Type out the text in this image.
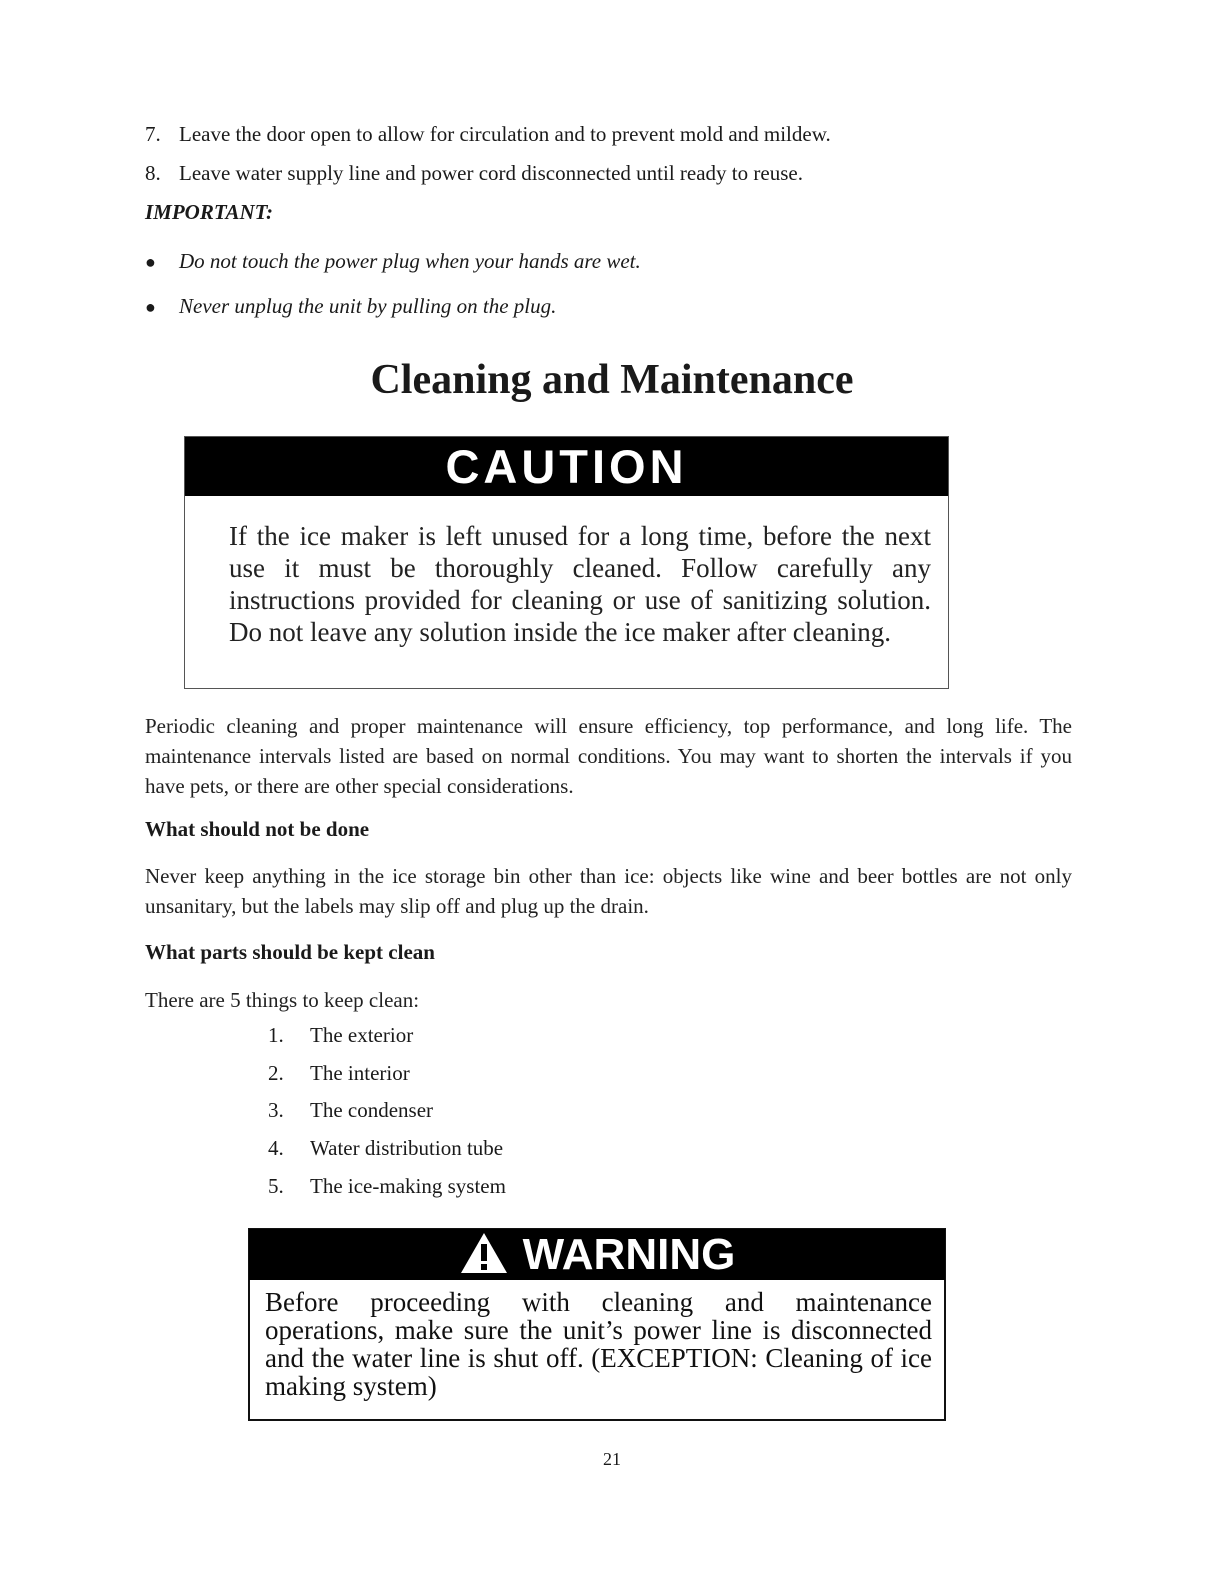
7. Leave the door open to allow for circulation and to prevent mold and mildew.
8. Leave water supply line and power cord disconnected until ready to reuse.
IMPORTANT:
● Do not touch the power plug when your hands are wet.
● Never unplug the unit by pulling on the plug.
Cleaning and Maintenance
CAUTION
If the ice maker is left unused for a long time, before the next use it must be thoroughly cleaned. Follow carefully any instructions provided for cleaning or use of sanitizing solution. Do not leave any solution inside the ice maker after cleaning.
Periodic cleaning and proper maintenance will ensure efficiency, top performance, and long life. The maintenance intervals listed are based on normal conditions. You may want to shorten the intervals if you have pets, or there are other special considerations.
What should not be done
Never keep anything in the ice storage bin other than ice: objects like wine and beer bottles are not only unsanitary, but the labels may slip off and plug up the drain.
What parts should be kept clean
There are 5 things to keep clean:
1. The exterior
2. The interior
3. The condenser
4. Water distribution tube
5. The ice-making system
WARNING
Before proceeding with cleaning and maintenance operations, make sure the unit’s power line is disconnected and the water line is shut off. (EXCEPTION: Cleaning of ice making system)
21
